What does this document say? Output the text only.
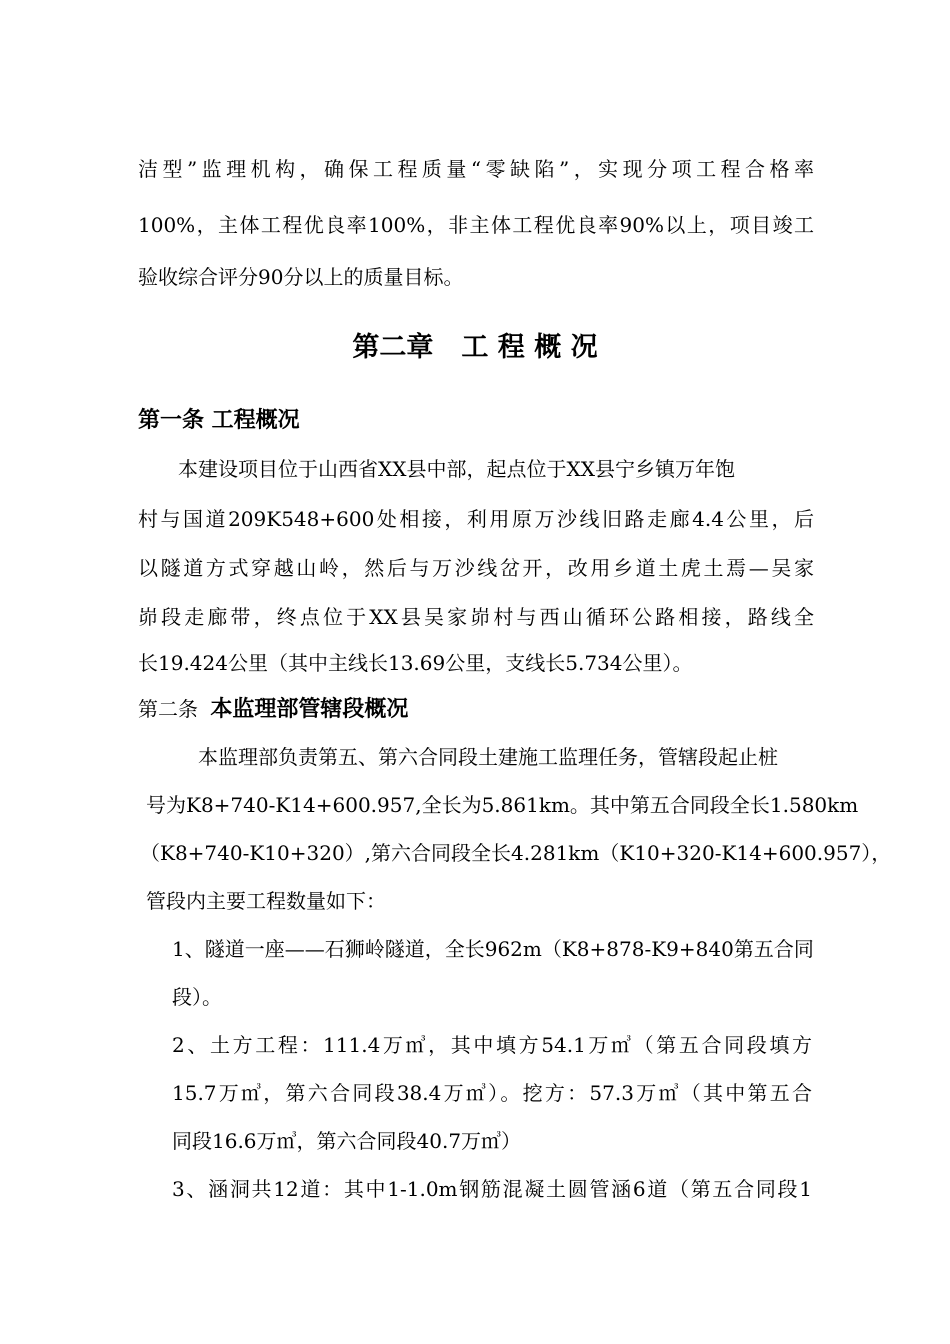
洁型”监理机构，确保工程质量“零缺陷”，实现分项工程合格率
100%，主体工程优良率100%，非主体工程优良率90%以上，项目竣工
验收综合评分90分以上的质量目标。
第二章 工 程 概 况
第一条 工程概况
本建设项目位于山西省XX县中部，起点位于XX县宁乡镇万年饱
村与国道209K548+600处相接，利用原万沙线旧路走廊4.4公里，后
以隧道方式穿越山岭，然后与万沙线岔开，改用乡道土虎土焉—吴家
峁段走廊带，终点位于XX县吴家峁村与西山循环公路相接，路线全
长19.424公里（其中主线长13.69公里，支线长5.734公里）。
第二条 本监理部管辖段概况
本监理部负责第五、第六合同段土建施工监理任务，管辖段起止桩
号为K8+740-K14+600.957,全长为5.861km。其中第五合同段全长1.580km
（K8+740-K10+320）,第六合同段全长4.281km（K10+320-K14+600.957），
管段内主要工程数量如下：
1、隧道一座——石狮岭隧道，全长962m（K8+878-K9+840第五合同
段）。
2、土方工程：111.4万㎥，其中填方54.1万㎥（第五合同段填方
15.7万㎥，第六合同段38.4万㎥）。挖方：57.3万㎥（其中第五合
同段16.6万㎥，第六合同段40.7万㎥）
3、涵洞共12道：其中1-1.0m钢筋混凝土圆管涵6道（第五合同段1
